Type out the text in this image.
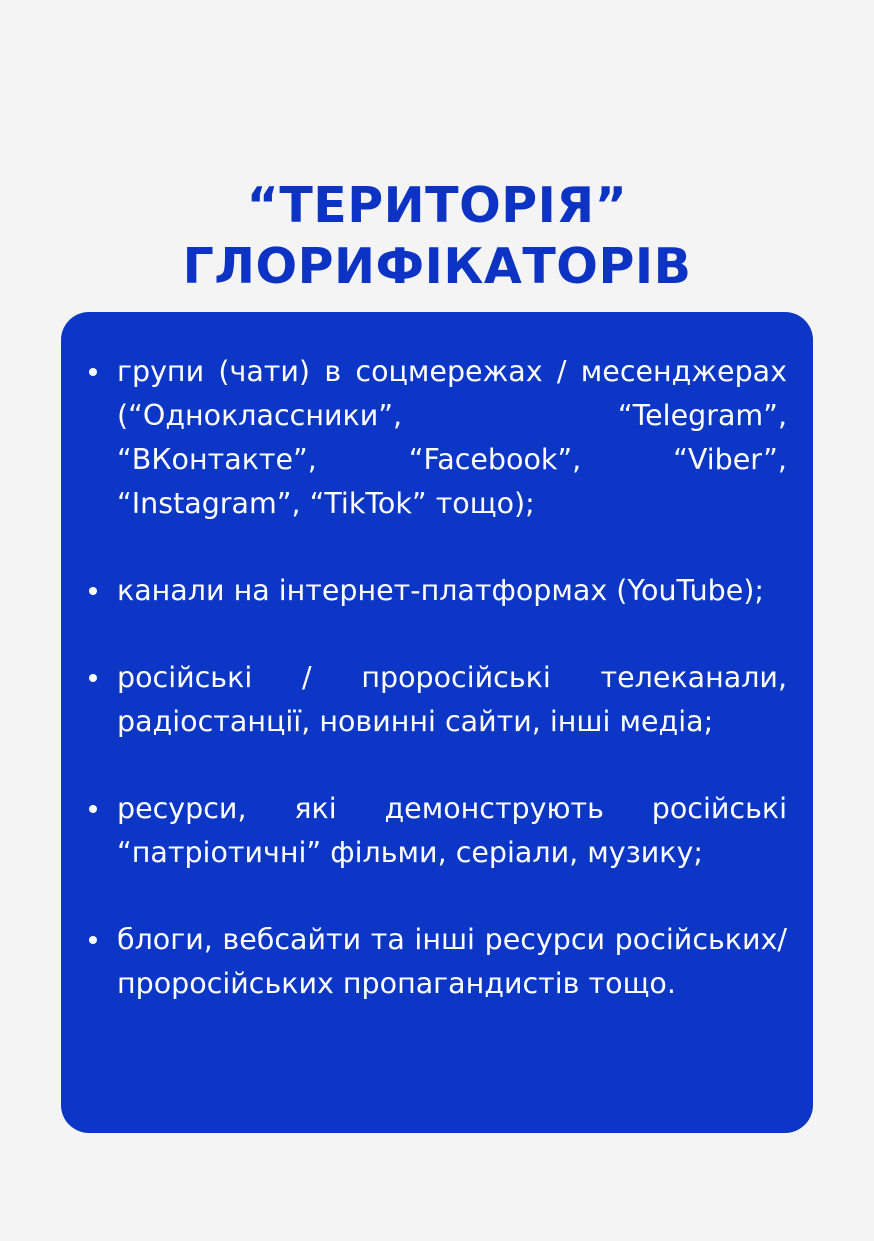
“ТЕРИТОРІЯ”
ГЛОРИФІКАТОРІВ
групи (чати) в соцмережах / месенджерах (“Одноклассники”, “Telegram”, “ВКонтакте”, “Facebook”, “Viber”, “Instagram”, “TikTok” тощо);
канали на інтернет-платформах (YouTube);
російські / проросійські телеканали, радіостанції, новинні сайти, інші медіа;
ресурси, які демонструють російські “патріотичні” фільми, серіали, музику;
блоги, вебсайти та інші ресурси російських/проросійських пропагандистів тощо.
